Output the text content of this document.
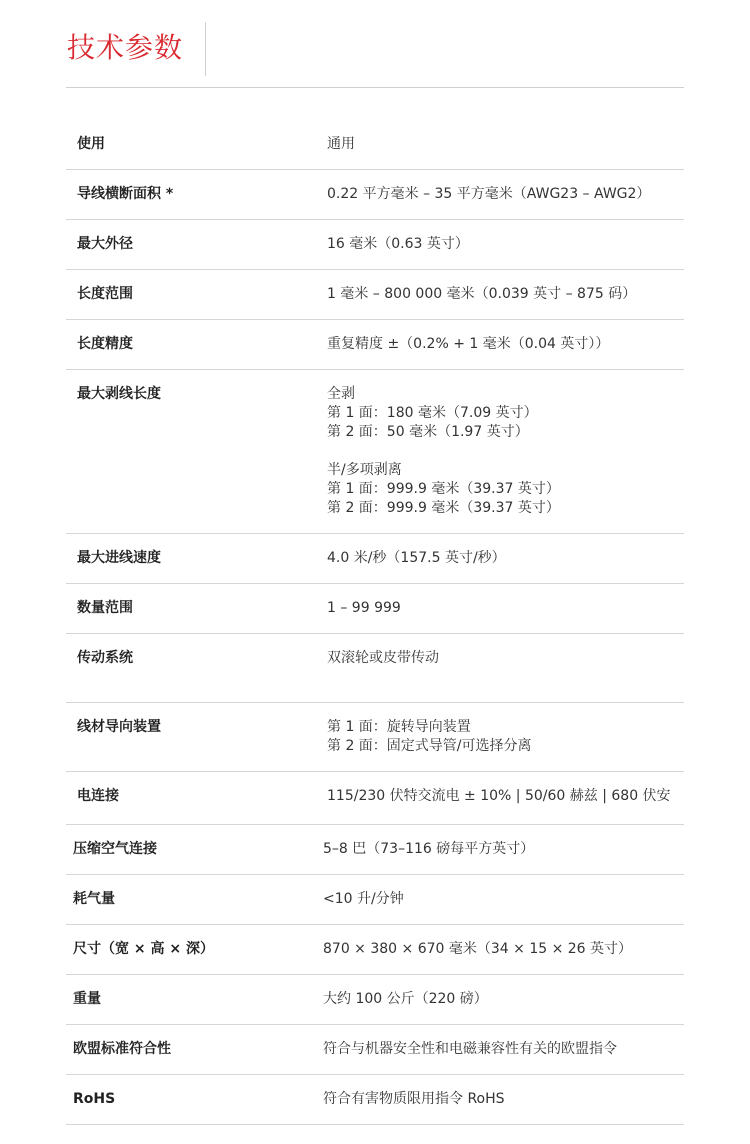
技术参数
使用	通用
导线横断面积 *	0.22 平方毫米 – 35 平方毫米（AWG23 – AWG2）
最大外径	16 毫米（0.63 英寸）
长度范围	1 毫米 – 800 000 毫米（0.039 英寸 – 875 码）
长度精度	重复精度 ±（0.2% + 1 毫米（0.04 英寸））
最大剥线长度	全剥
第 1 面：180 毫米（7.09 英寸）
第 2 面：50 毫米（1.97 英寸）
半/多项剥离
第 1 面：999.9 毫米（39.37 英寸）
第 2 面：999.9 毫米（39.37 英寸）
最大进线速度	4.0 米/秒（157.5 英寸/秒）
数量范围	1 – 99 999
传动系统	双滚轮或皮带传动
线材导向装置	第 1 面：旋转导向装置
第 2 面：固定式导管/可选择分离
电连接	115/230 伏特交流电 ± 10% | 50/60 赫兹 | 680 伏安
压缩空气连接	5–8 巴（73–116 磅每平方英寸）
耗气量	<10 升/分钟
尺寸（宽 × 高 × 深）	870 × 380 × 670 毫米（34 × 15 × 26 英寸）
重量	大约 100 公斤（220 磅）
欧盟标准符合性	符合与机器安全性和电磁兼容性有关的欧盟指令
RoHS	符合有害物质限用指令 RoHS
